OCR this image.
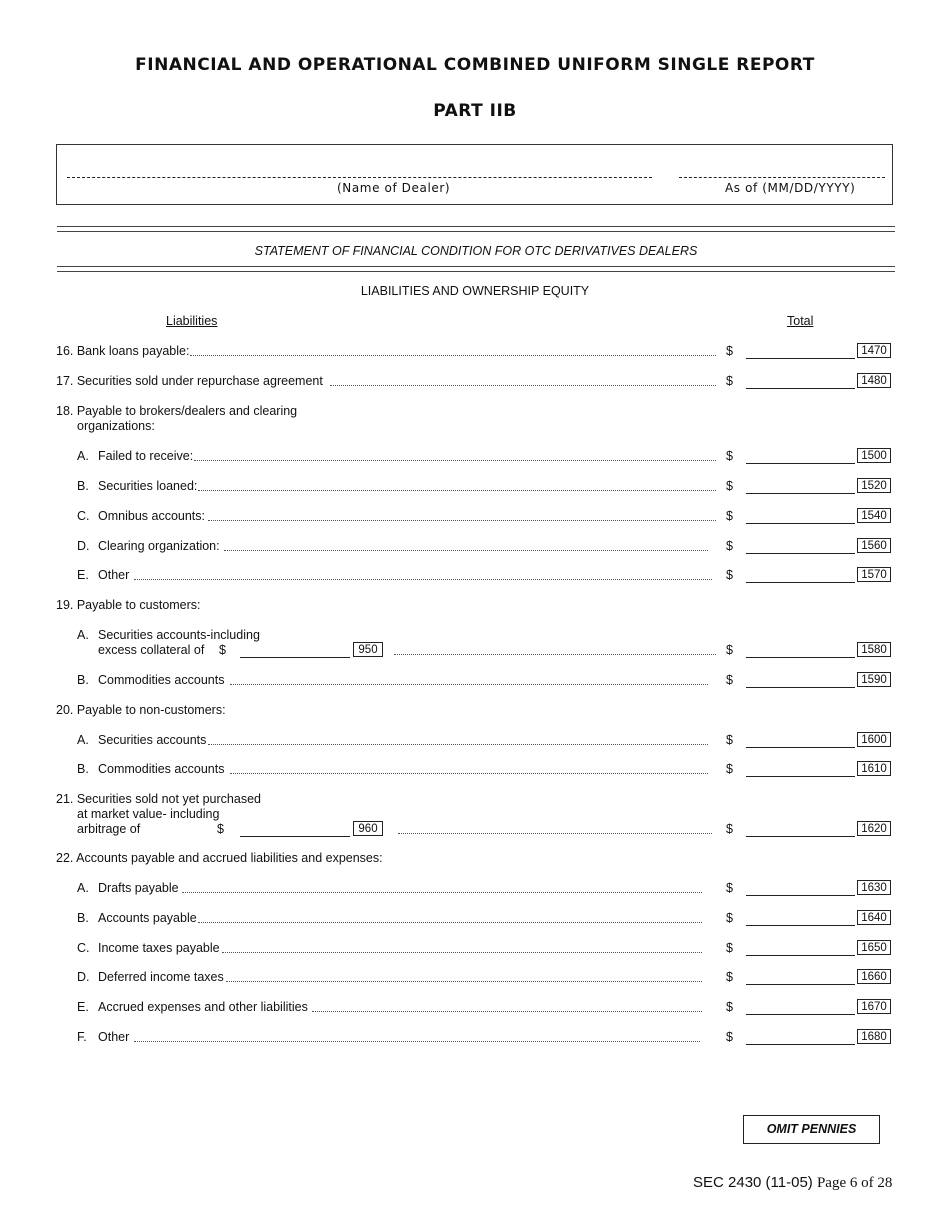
FINANCIAL AND OPERATIONAL COMBINED UNIFORM SINGLE REPORT
PART IIB
(Name of Dealer)	As of (MM/DD/YYYY)
STATEMENT OF FINANCIAL CONDITION FOR OTC DERIVATIVES DEALERS
LIABILITIES AND OWNERSHIP EQUITY
Liabilities	Total
16. Bank loans payable:	$	1470
17. Securities sold under repurchase agreement	$	1480
18. Payable to brokers/dealers and clearing
organizations:
A. Failed to receive:	$	1500
B. Securities loaned:	$	1520
C. Omnibus accounts:	$	1540
D. Clearing organization:	$	1560
E. Other	$	1570
19. Payable to customers:
A. Securities accounts-including
excess collateral of $	950	$	1580
B. Commodities accounts	$	1590
20. Payable to non-customers:
A. Securities accounts	$	1600
B. Commodities accounts	$	1610
21. Securities sold not yet purchased
at market value- including
arbitrage of	$	960	$	1620
22. Accounts payable and accrued liabilities and expenses:
A. Drafts payable	$	1630
B. Accounts payable	$	1640
C. Income taxes payable	$	1650
D. Deferred income taxes	$	1660
E. Accrued expenses and other liabilities	$	1670
F. Other	$	1680
OMIT PENNIES
SEC 2430 (11-05) Page 6 of 28
